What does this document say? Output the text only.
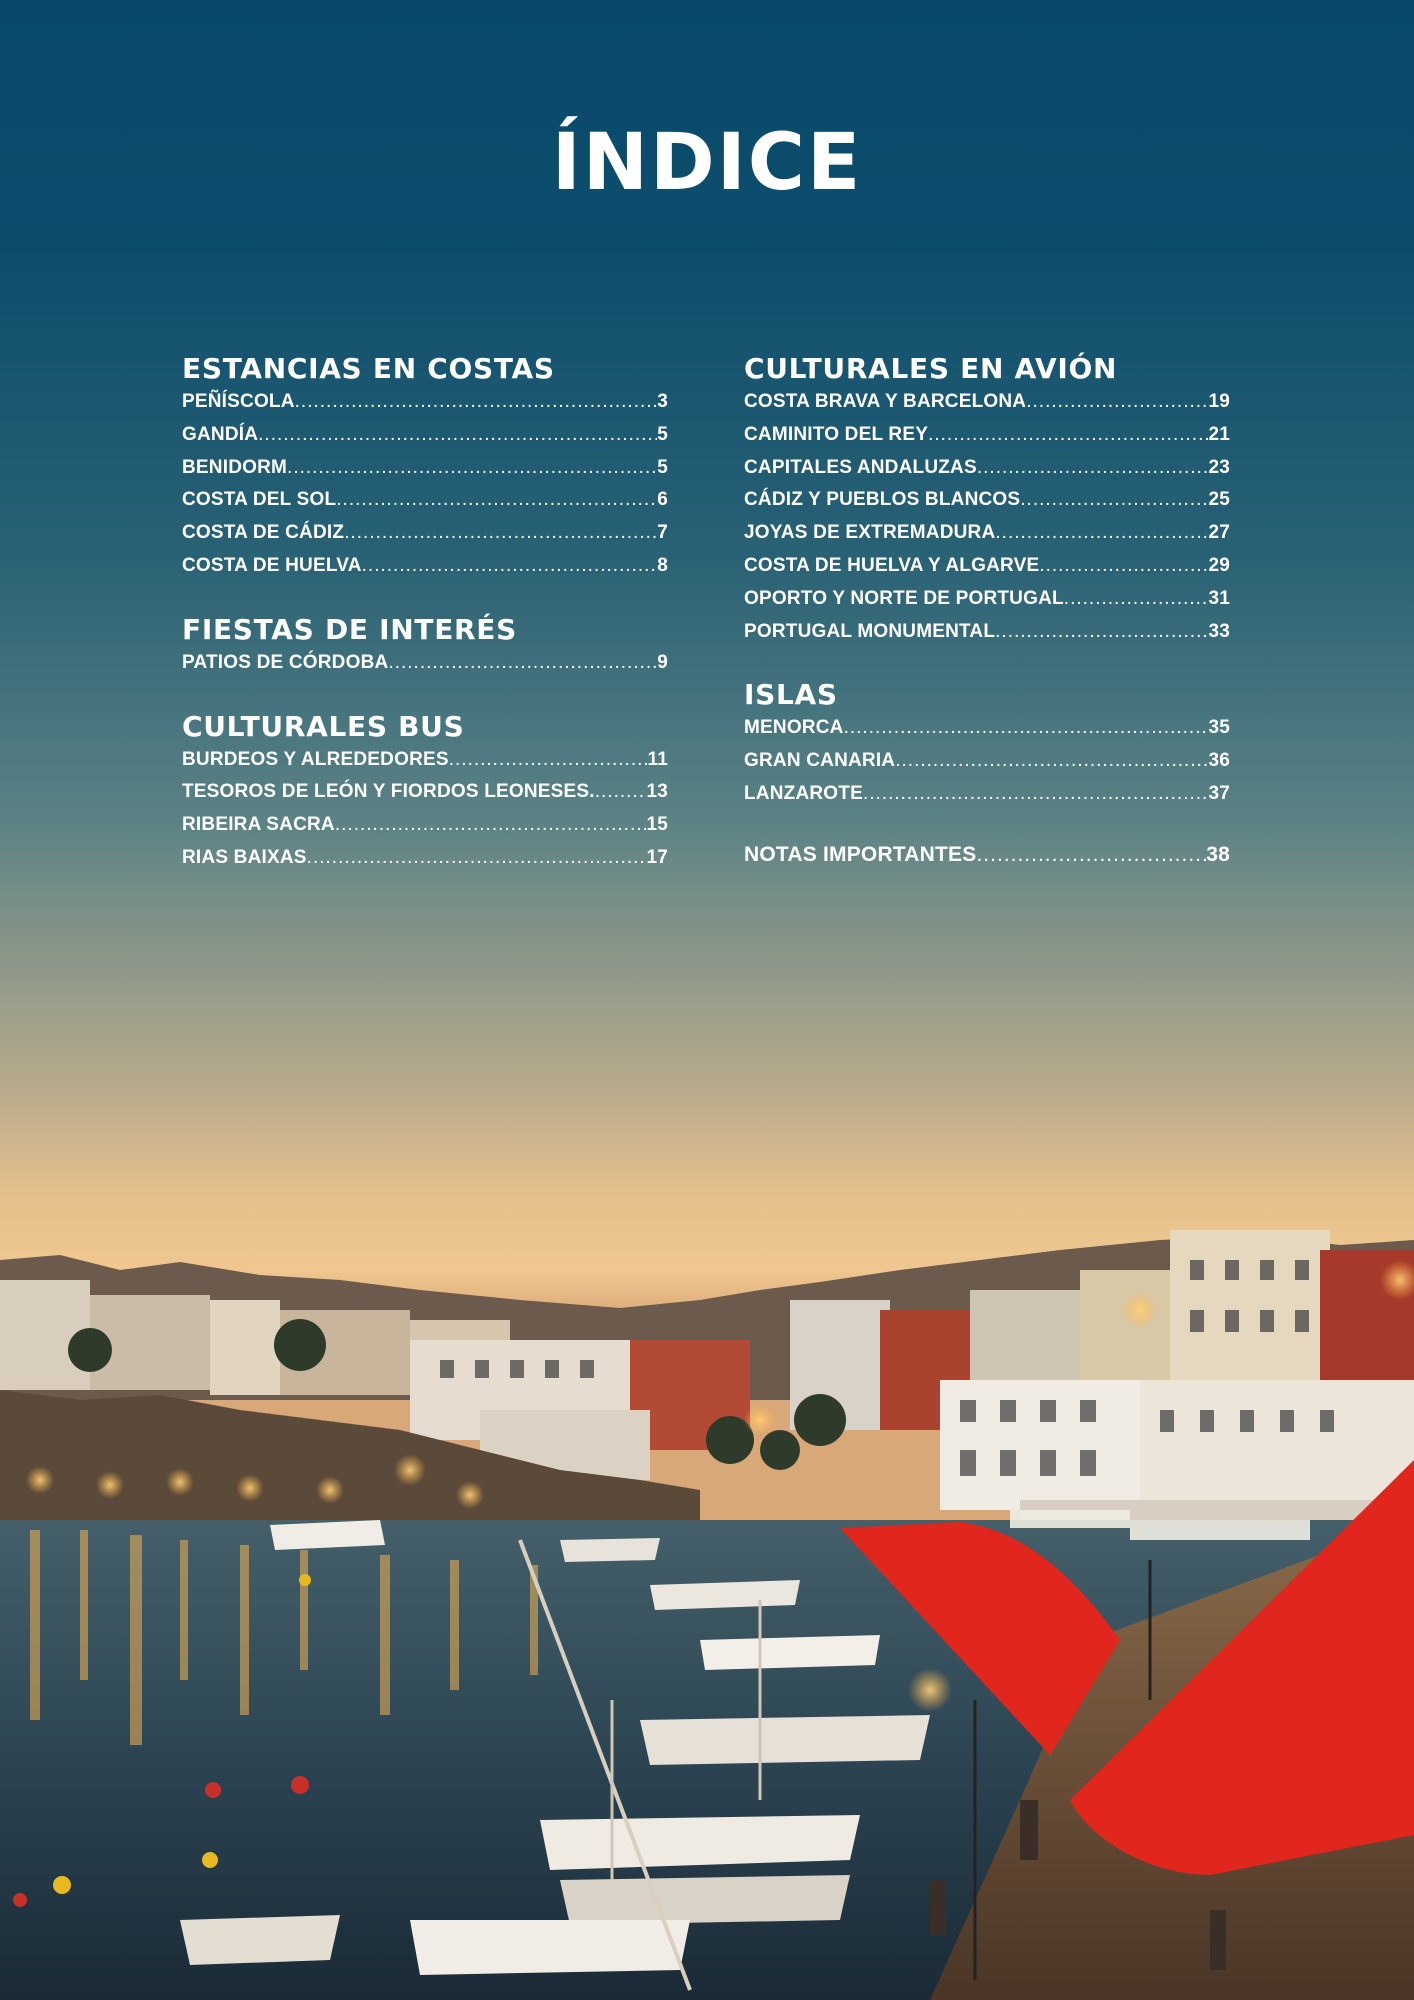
ÍNDICE
ESTANCIAS EN COSTAS
PEÑÍSCOLA .....	3
GANDÍA .....	5
BENIDORM .....	5
COSTA DEL SOL .....	6
COSTA DE CÁDIZ .....	7
COSTA DE HUELVA .....	8
FIESTAS DE INTERÉS
PATIOS DE CÓRDOBA .....	9
CULTURALES BUS
BURDEOS Y ALREDEDORES .....	11
TESOROS DE LEÓN Y FIORDOS LEONESES. .....	13
RIBEIRA SACRA .....	15
RIAS BAIXAS .....	17
CULTURALES EN AVIÓN
COSTA BRAVA Y BARCELONA .....	19
CAMINITO DEL REY .....	21
CAPITALES ANDALUZAS .....	23
CÁDIZ Y PUEBLOS BLANCOS .....	25
JOYAS DE EXTREMADURA .....	27
COSTA DE HUELVA Y ALGARVE .....	29
OPORTO Y NORTE DE PORTUGAL .....	31
PORTUGAL MONUMENTAL .....	33
ISLAS
MENORCA .....	35
GRAN CANARIA .....	36
LANZAROTE .....	37
NOTAS IMPORTANTES .....	38
